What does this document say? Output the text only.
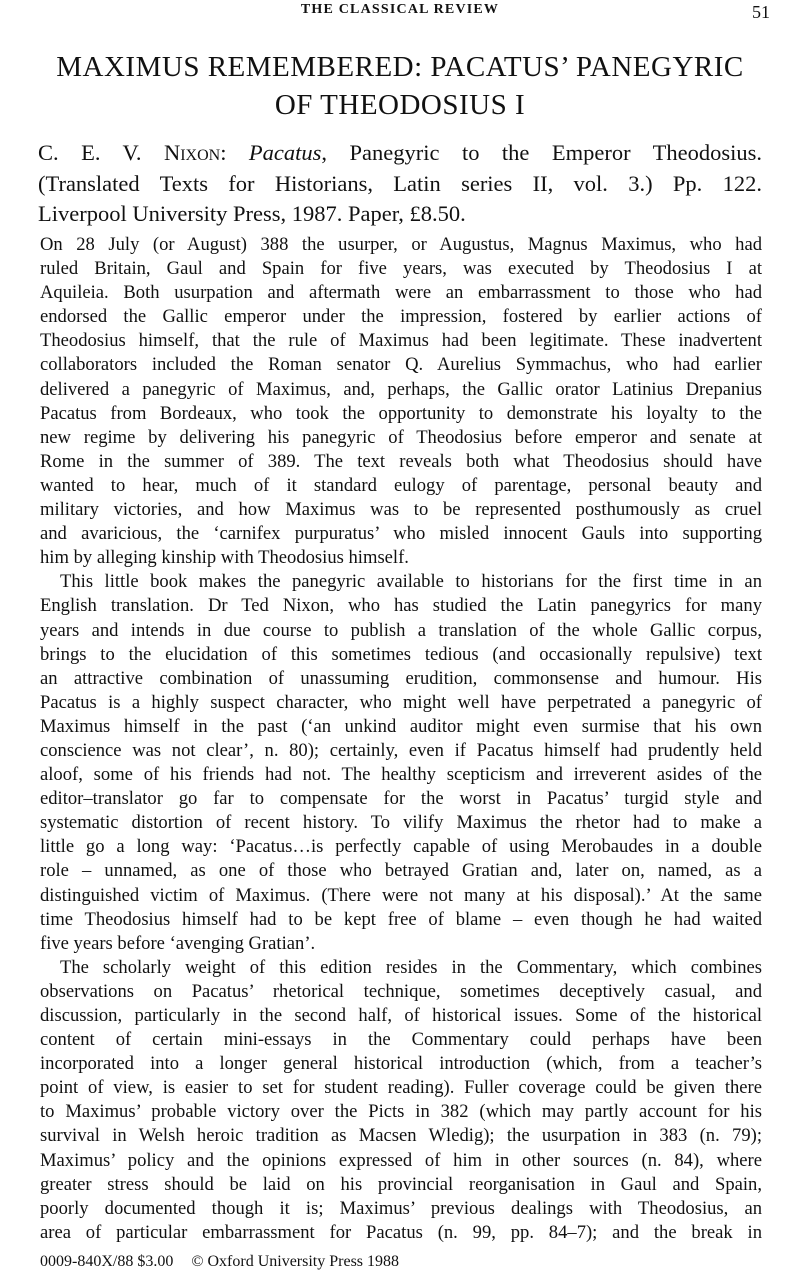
THE CLASSICAL REVIEW	51
MAXIMUS REMEMBERED: PACATUS’ PANEGYRIC
OF THEODOSIUS I
C. E. V. Nixon: Pacatus, Panegyric to the Emperor Theodosius.
(Translated Texts for Historians, Latin series II, vol. 3.) Pp. 122.
Liverpool University Press, 1987. Paper, £8.50.
On 28 July (or August) 388 the usurper, or Augustus, Magnus Maximus, who had
ruled Britain, Gaul and Spain for five years, was executed by Theodosius I at
Aquileia. Both usurpation and aftermath were an embarrassment to those who had
endorsed the Gallic emperor under the impression, fostered by earlier actions of
Theodosius himself, that the rule of Maximus had been legitimate. These inadvertent
collaborators included the Roman senator Q. Aurelius Symmachus, who had earlier
delivered a panegyric of Maximus, and, perhaps, the Gallic orator Latinius Drepanius
Pacatus from Bordeaux, who took the opportunity to demonstrate his loyalty to the
new regime by delivering his panegyric of Theodosius before emperor and senate at
Rome in the summer of 389. The text reveals both what Theodosius should have
wanted to hear, much of it standard eulogy of parentage, personal beauty and
military victories, and how Maximus was to be represented posthumously as cruel
and avaricious, the ‘carnifex purpuratus’ who misled innocent Gauls into supporting
him by alleging kinship with Theodosius himself.
This little book makes the panegyric available to historians for the first time in an
English translation. Dr Ted Nixon, who has studied the Latin panegyrics for many
years and intends in due course to publish a translation of the whole Gallic corpus,
brings to the elucidation of this sometimes tedious (and occasionally repulsive) text
an attractive combination of unassuming erudition, commonsense and humour. His
Pacatus is a highly suspect character, who might well have perpetrated a panegyric of
Maximus himself in the past (‘an unkind auditor might even surmise that his own
conscience was not clear’, n. 80); certainly, even if Pacatus himself had prudently held
aloof, some of his friends had not. The healthy scepticism and irreverent asides of the
editor–translator go far to compensate for the worst in Pacatus’ turgid style and
systematic distortion of recent history. To vilify Maximus the rhetor had to make a
little go a long way: ‘Pacatus…is perfectly capable of using Merobaudes in a double
role – unnamed, as one of those who betrayed Gratian and, later on, named, as a
distinguished victim of Maximus. (There were not many at his disposal).’ At the same
time Theodosius himself had to be kept free of blame – even though he had waited
five years before ‘avenging Gratian’.
The scholarly weight of this edition resides in the Commentary, which combines
observations on Pacatus’ rhetorical technique, sometimes deceptively casual, and
discussion, particularly in the second half, of historical issues. Some of the historical
content of certain mini-essays in the Commentary could perhaps have been
incorporated into a longer general historical introduction (which, from a teacher’s
point of view, is easier to set for student reading). Fuller coverage could be given there
to Maximus’ probable victory over the Picts in 382 (which may partly account for his
survival in Welsh heroic tradition as Macsen Wledig); the usurpation in 383 (n. 79);
Maximus’ policy and the opinions expressed of him in other sources (n. 84), where
greater stress should be laid on his provincial reorganisation in Gaul and Spain,
poorly documented though it is; Maximus’ previous dealings with Theodosius, an
area of particular embarrassment for Pacatus (n. 99, pp. 84–7); and the break in
0009-840X/88 $3.00 © Oxford University Press 1988
